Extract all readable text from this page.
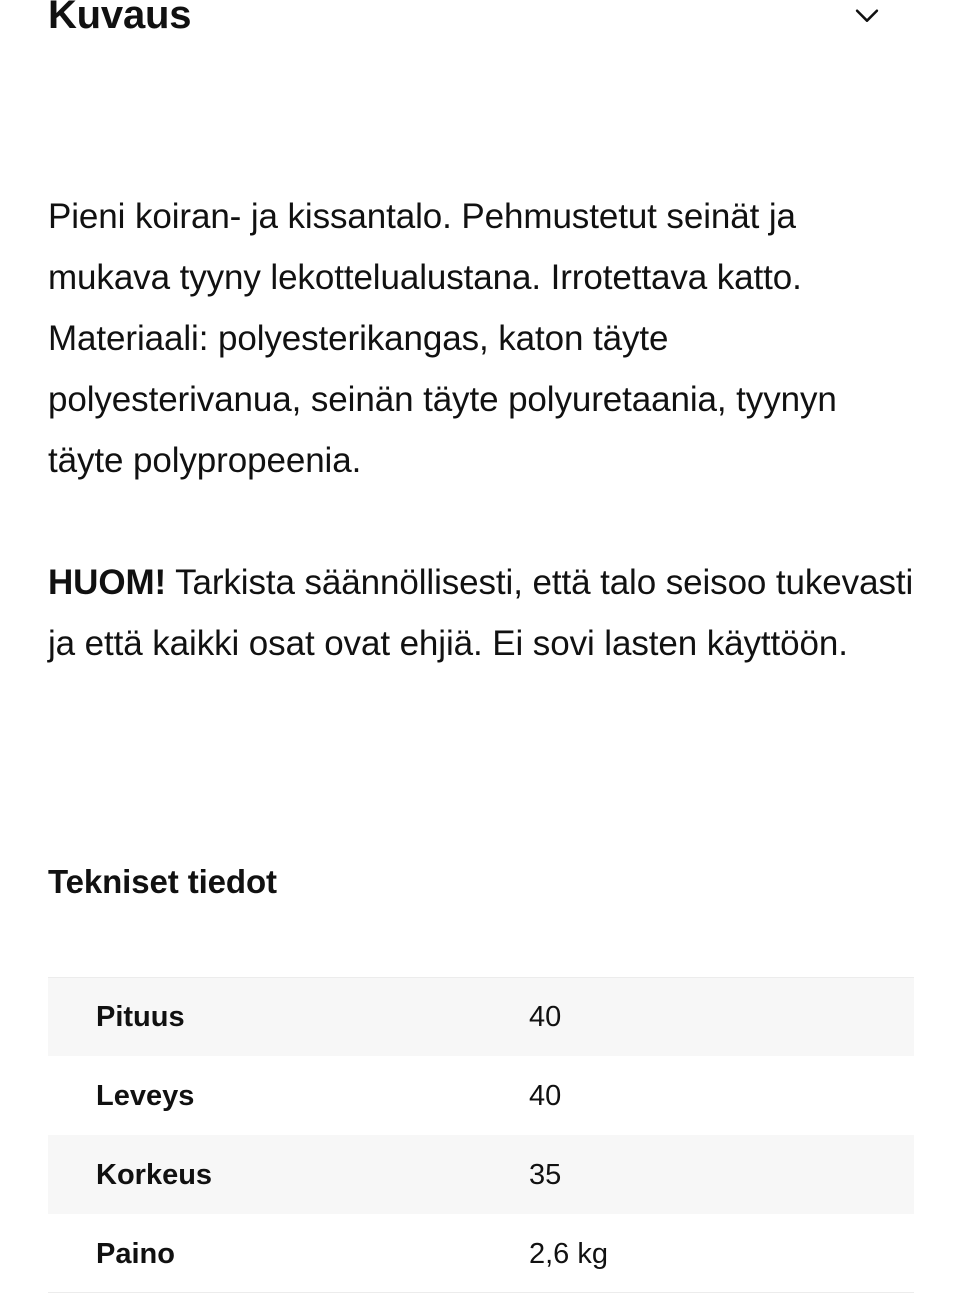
Kuvaus

Pieni koiran- ja kissantalo. Pehmustetut seinät ja mukava tyyny lekottelualustana. Irrotettava katto. Materiaali: polyesterikangas, katon täyte polyesterivanua, seinän täyte polyuretaania, tyynyn täyte polypropeenia.

HUOM! Tarkista säännöllisesti, että talo seisoo tukevasti ja että kaikki osat ovat ehjiä. Ei sovi lasten käyttöön.

Tekniset tiedot
Pituus	40
Leveys	40
Korkeus	35
Paino	2,6 kg
